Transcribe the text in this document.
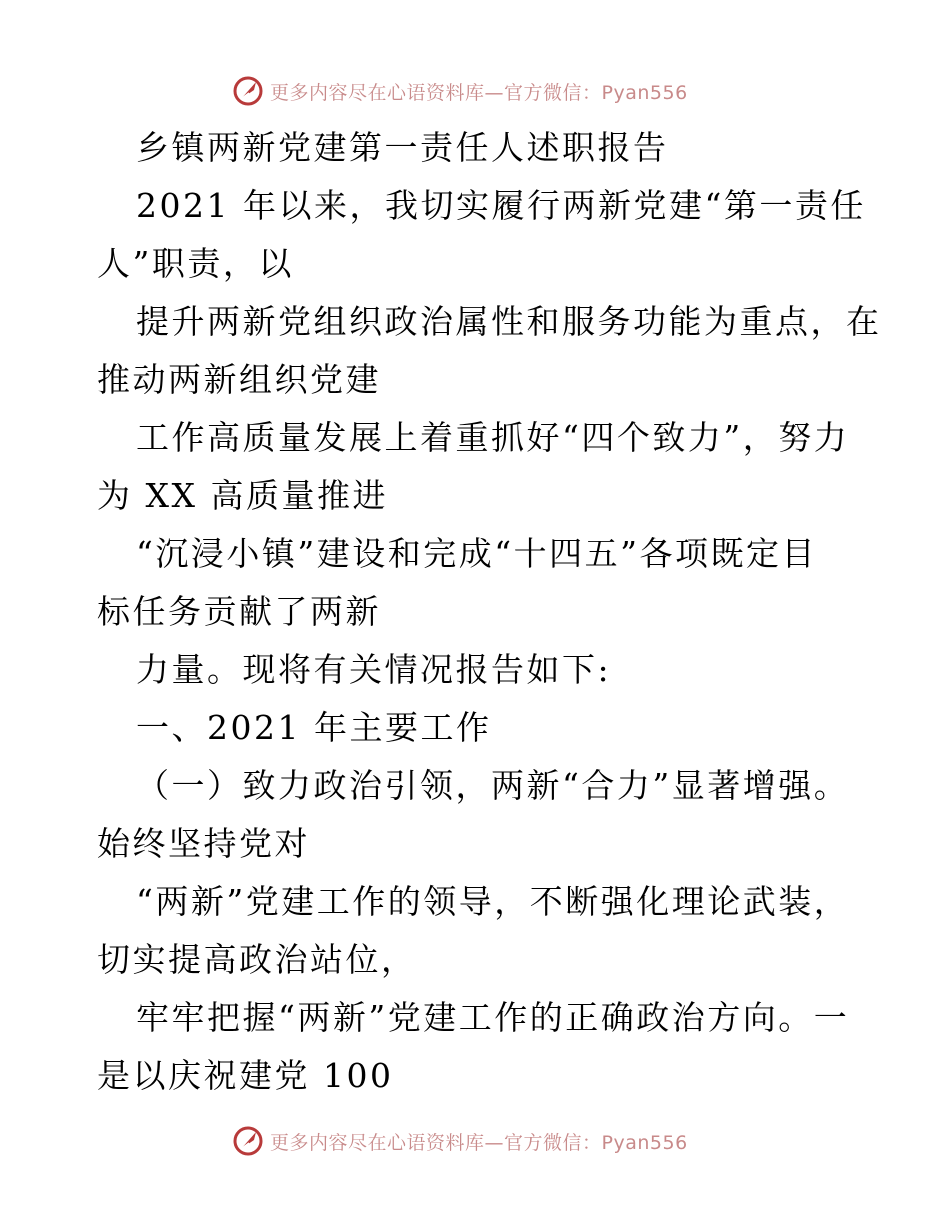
更多内容尽在心语资料库—官方微信：Pyan556
乡镇两新党建第一责任人述职报告
2021 年以来，我切实履行两新党建“第一责任
人”职责，以
提升两新党组织政治属性和服务功能为重点，在
推动两新组织党建
工作高质量发展上着重抓好“四个致力”，努力
为 XX 高质量推进
“沉浸小镇”建设和完成“十四五”各项既定目
标任务贡献了两新
力量。现将有关情况报告如下:
一、2021 年主要工作
（一）致力政治引领，两新“合力”显著增强。
始终坚持党对
“两新”党建工作的领导，不断强化理论武装，
切实提高政治站位，
牢牢把握“两新”党建工作的正确政治方向。一
是以庆祝建党 100
更多内容尽在心语资料库—官方微信：Pyan556
